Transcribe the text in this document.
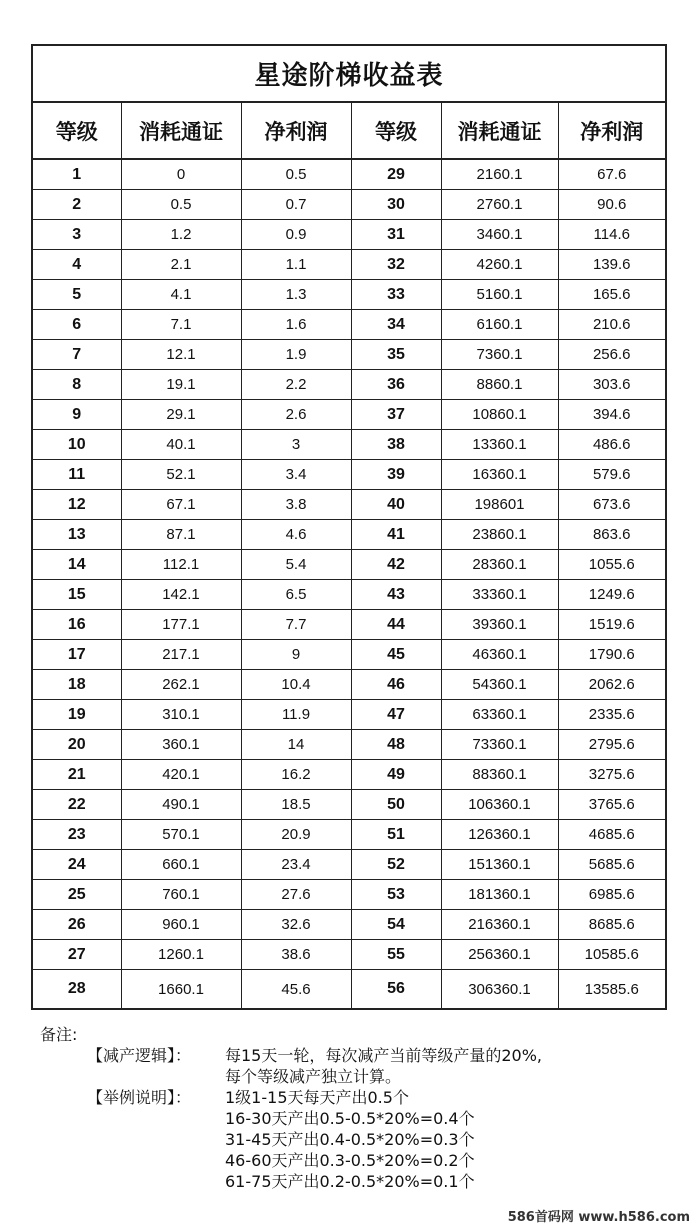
星途阶梯收益表
等级	消耗通证	净利润	等级	消耗通证	净利润
1	0	0.5	29	2160.1	67.6
2	0.5	0.7	30	2760.1	90.6
3	1.2	0.9	31	3460.1	114.6
4	2.1	1.1	32	4260.1	139.6
5	4.1	1.3	33	5160.1	165.6
6	7.1	1.6	34	6160.1	210.6
7	12.1	1.9	35	7360.1	256.6
8	19.1	2.2	36	8860.1	303.6
9	29.1	2.6	37	10860.1	394.6
10	40.1	3	38	13360.1	486.6
11	52.1	3.4	39	16360.1	579.6
12	67.1	3.8	40	198601	673.6
13	87.1	4.6	41	23860.1	863.6
14	112.1	5.4	42	28360.1	1055.6
15	142.1	6.5	43	33360.1	1249.6
16	177.1	7.7	44	39360.1	1519.6
17	217.1	9	45	46360.1	1790.6
18	262.1	10.4	46	54360.1	2062.6
19	310.1	11.9	47	63360.1	2335.6
20	360.1	14	48	73360.1	2795.6
21	420.1	16.2	49	88360.1	3275.6
22	490.1	18.5	50	106360.1	3765.6
23	570.1	20.9	51	126360.1	4685.6
24	660.1	23.4	52	151360.1	5685.6
25	760.1	27.6	53	181360.1	6985.6
26	960.1	32.6	54	216360.1	8685.6
27	1260.1	38.6	55	256360.1	10585.6
28	1660.1	45.6	56	306360.1	13585.6
备注:
【减产逻辑】：	每15天一轮，每次减产当前等级产量的20%,
每个等级减产独立计算。
【举例说明】：	1级1-15天每天产出0.5个
16-30天产出0.5-0.5*20%=0.4个
31-45天产出0.4-0.5*20%=0.3个
46-60天产出0.3-0.5*20%=0.2个
61-75天产出0.2-0.5*20%=0.1个
586首码网 www.h586.com
